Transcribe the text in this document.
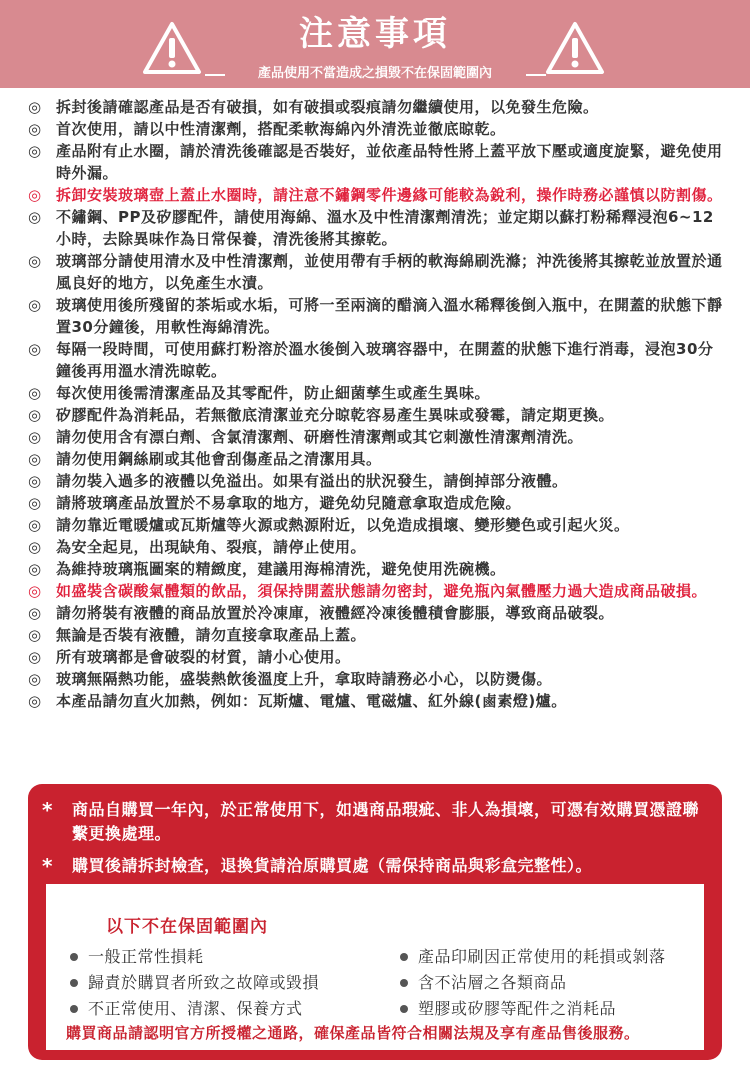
注意事項
產品使用不當造成之損毀不在保固範圍內
◎ 拆封後請確認產品是否有破損，如有破損或裂痕請勿繼續使用，以免發生危險。
◎ 首次使用，請以中性清潔劑，搭配柔軟海綿內外清洗並徹底晾乾。
◎ 產品附有止水圈，請於清洗後確認是否裝好，並依產品特性將上蓋平放下壓或適度旋緊，避免使用時外漏。
◎ 拆卸安裝玻璃壺上蓋止水圈時，請注意不鏽鋼零件邊緣可能較為銳利，操作時務必謹慎以防割傷。
◎ 不鏽鋼、PP及矽膠配件，請使用海綿、溫水及中性清潔劑清洗；並定期以蘇打粉稀釋浸泡6~12小時，去除異味作為日常保養，清洗後將其擦乾。
◎ 玻璃部分請使用清水及中性清潔劑，並使用帶有手柄的軟海綿刷洗滌；沖洗後將其擦乾並放置於通風良好的地方，以免產生水漬。
◎ 玻璃使用後所殘留的茶垢或水垢，可將一至兩滴的醋滴入溫水稀釋後倒入瓶中，在開蓋的狀態下靜置30分鐘後，用軟性海綿清洗。
◎ 每隔一段時間，可使用蘇打粉溶於溫水後倒入玻璃容器中，在開蓋的狀態下進行消毒，浸泡30分鐘後再用溫水清洗晾乾。
◎ 每次使用後需清潔產品及其零配件，防止細菌孳生或產生異味。
◎ 矽膠配件為消耗品，若無徹底清潔並充分晾乾容易產生異味或發霉，請定期更換。
◎ 請勿使用含有漂白劑、含氯清潔劑、研磨性清潔劑或其它刺激性清潔劑清洗。
◎ 請勿使用鋼絲刷或其他會刮傷產品之清潔用具。
◎ 請勿裝入過多的液體以免溢出。如果有溢出的狀況發生，請倒掉部分液體。
◎ 請將玻璃產品放置於不易拿取的地方，避免幼兒隨意拿取造成危險。
◎ 請勿靠近電暖爐或瓦斯爐等火源或熱源附近，以免造成損壞、變形變色或引起火災。
◎ 為安全起見，出現缺角、裂痕，請停止使用。
◎ 為維持玻璃瓶圖案的精緻度，建議用海棉清洗，避免使用洗碗機。
◎ 如盛裝含碳酸氣體類的飲品，須保持開蓋狀態請勿密封，避免瓶內氣體壓力過大造成商品破損。
◎ 請勿將裝有液體的商品放置於冷凍庫，液體經冷凍後體積會膨脹，導致商品破裂。
◎ 無論是否裝有液體，請勿直接拿取產品上蓋。
◎ 所有玻璃都是會破裂的材質，請小心使用。
◎ 玻璃無隔熱功能，盛裝熱飲後溫度上升，拿取時請務必小心，以防燙傷。
◎ 本產品請勿直火加熱，例如：瓦斯爐、電爐、電磁爐、紅外線(鹵素燈)爐。
* 商品自購買一年內，於正常使用下，如遇商品瑕疵、非人為損壞，可憑有效購買憑證聯繫更換處理。
* 購買後請拆封檢查，退換貨請洽原購買處（需保持商品與彩盒完整性）。
以下不在保固範圍內
一般正常性損耗
歸責於購買者所致之故障或毀損
不正常使用、清潔、保養方式
產品印刷因正常使用的耗損或剝落
含不沾層之各類商品
塑膠或矽膠等配件之消耗品
購買商品請認明官方所授權之通路，確保產品皆符合相關法規及享有產品售後服務。
